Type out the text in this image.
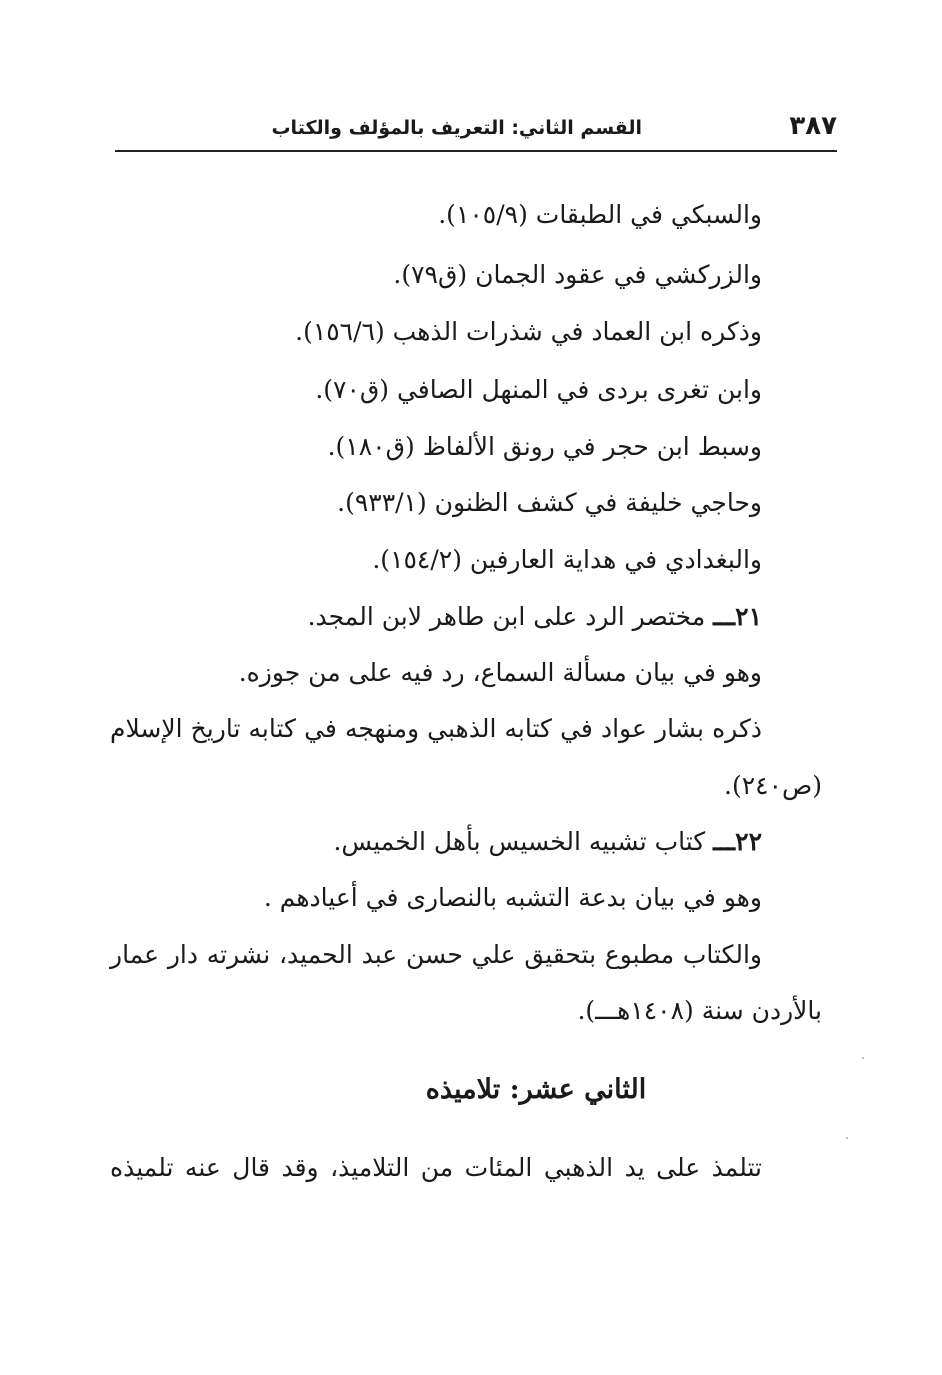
٣٨٧
القسم الثاني: التعريف بالمؤلف والكتاب
والسبكي في الطبقات (١٠٥/٩).
والزركشي في عقود الجمان (ق٧٩).
وذكره ابن العماد في شذرات الذهب (١٥٦/٦).
وابن تغرى بردى في المنهل الصافي (ق٧٠).
وسبط ابن حجر في رونق الألفاظ (ق١٨٠).
وحاجي خليفة في كشف الظنون (٩٣٣/١).
والبغدادي في هداية العارفين (١٥٤/٢).
٢١ـــ مختصر الرد على ابن طاهر لابن المجد.
وهو في بيان مسألة السماع، رد فيه على من جوزه.
ذكره بشار عواد في كتابه الذهبي ومنهجه في كتابه تاريخ الإسلام
(ص٢٤٠).
٢٢ـــ كتاب تشبيه الخسيس بأهل الخميس.
وهو في بيان بدعة التشبه بالنصارى في أعيادهم .
والكتاب مطبوع بتحقيق علي حسن عبد الحميد، نشرته دار عمار
بالأردن سنة (١٤٠٨هـــ).
الثاني عشر: تلاميذه
تتلمذ على يد الذهبي المئات من التلاميذ، وقد قال عنه تلميذه
